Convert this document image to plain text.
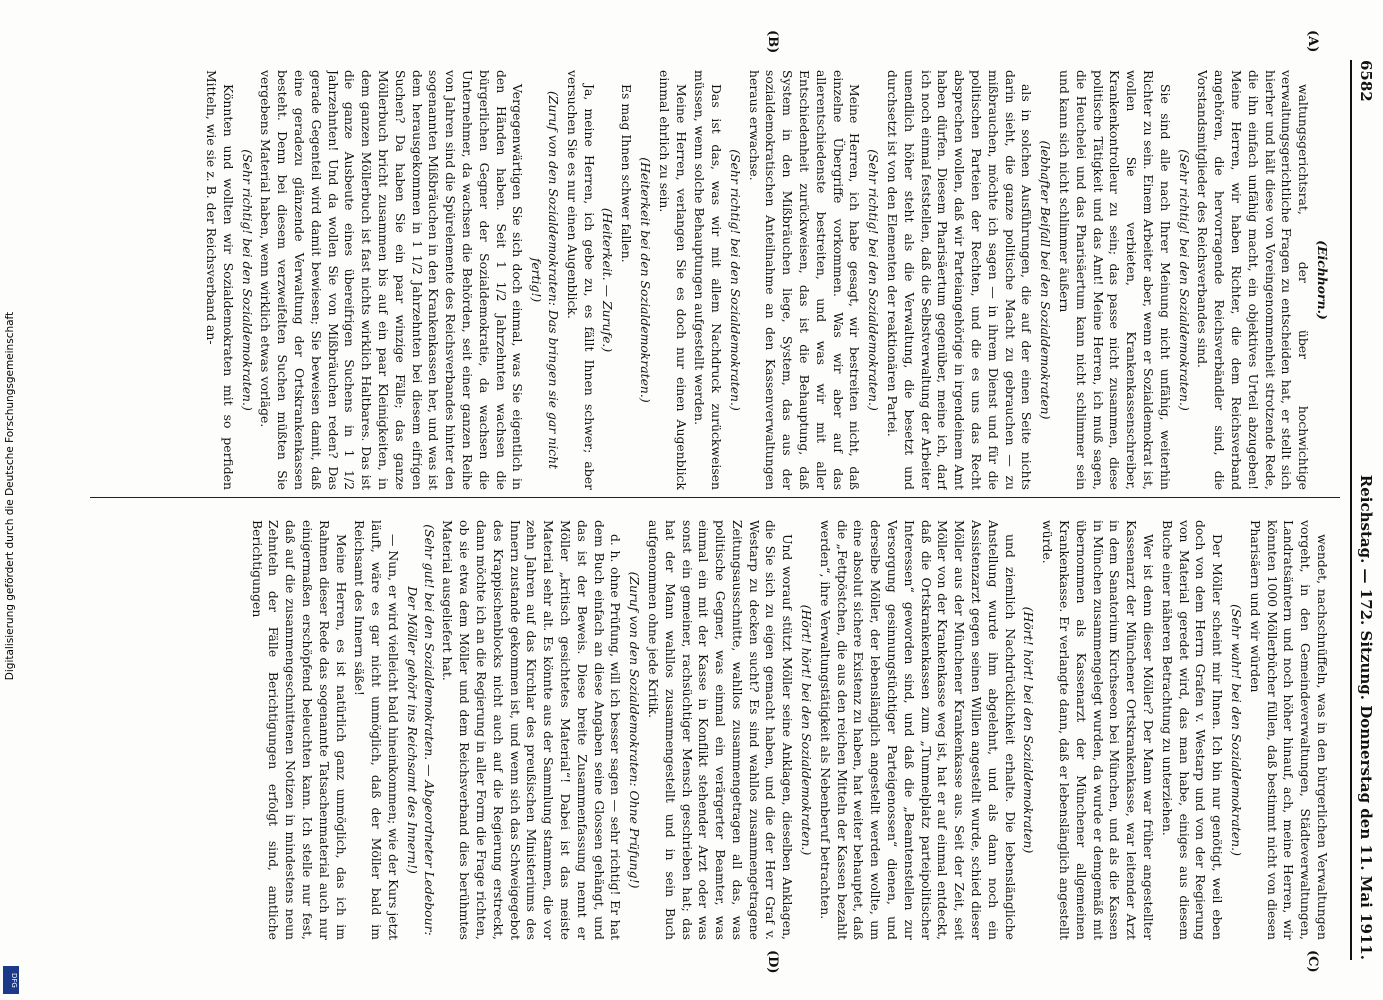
6582
Reichstag. — 172. Sitzung. Donnerstag den 11. Mai 1911.
(A)
(B)
(C)
(D)

(Eichhorn.)

waltungsgerichtsrat, der über hochwichtige verwaltungsgerichtliche Fragen zu entscheiden hat, er stellt sich hierher und hält diese von Voreingenommenheit strotzende Rede, die ihn einfach unfähig macht, ein objektives Urteil abzugeben! Meine Herren, wir haben Richter, die dem Reichsverband angehören, die hervorragende Reichsverbändler sind, die Vorstandsmitglieder des Reichsverbandes sind.

(Sehr richtig! bei den Sozialdemokraten.)

Sie sind alle nach Ihrer Meinung nicht unfähig, weiterhin Richter zu sein. Einem Arbeiter aber, wenn er Sozialdemokrat ist, wollen Sie verbieten, Krankenkassenschreiber, Krankenkontrolleur zu sein; das passe nicht zusammen, diese politische Tätigkeit und das Amt! Meine Herren, ich muß sagen, die Heuchelei und das Pharisäertum kann nicht schlimmer sein und kann sich nicht schlimmer äußern

(lebhafter Beifall bei den Sozialdemokraten)

als in solchen Ausführungen, die auf der einen Seite nichts darin sieht, die ganze politische Macht zu gebrauchen — zu mißbrauchen, möchte ich sagen — in ihrem Dienst und für die politischen Parteien der Rechten, und die es uns das Recht absprechen wollen, daß wir Parteiangehörige in irgendeinem Amt haben dürfen. Diesem Pharisäertum gegenüber, meine ich, darf ich noch einmal feststellen, daß die Selbstverwaltung der Arbeiter unendlich höher steht als die Verwaltung, die besetzt und durchsetzt ist von den Elementen der reaktionären Partei.

(Sehr richtig! bei den Sozialdemokraten.)

Meine Herren, ich habe gesagt, wir bestreiten nicht, daß einzelne Übergriffe vorkommen. Was wir aber auf das allerentschiedenste bestreiten, und was wir mit aller Entschiedenheit zurückweisen, das ist die Behauptung, daß System in den Mißbräuchen liege, System, das aus der sozialdemokratischen Anteilnahme an den Kassenverwaltungen heraus erwachse.

(Sehr richtig! bei den Sozialdemokraten.)

Das ist das, was wir mit allem Nachdruck zurückweisen müssen, wenn solche Behauptungen aufgestellt werden.

Meine Herren, verlangen Sie es doch nur einen Augenblick einmal ehrlich zu sein.

(Heiterkeit bei den Sozialdemokraten.)

Es mag Ihnen schwer fallen.

(Heiterkeit. — Zurufe.)

Ja, meine Herren, ich gebe zu, es fällt Ihnen schwer; aber versuchen Sie es nur einen Augenblick.

(Zuruf von den Sozialdemokraten: Das bringen sie gar nicht fertig!)

Vergegenwärtigen Sie sich doch einmal, was Sie eigentlich in den Händen haben. Seit 1 1/2 Jahrzehnten wachsen die bürgerlichen Gegner der Sozialdemokratie, da wachsen die Unternehmer, da wachsen die Behörden, seit einer ganzen Reihe von Jahren sind die Spürelemente des Reichsverbandes hinter den sogenannten Mißbräuchen in den Krankenkassen her, und was ist dem herausgekommen in 1 1/2 Jahrzehnten bei diesem eifrigen Suchen? Da haben Sie ein paar winzige Fälle; das ganze Möllerbuch bricht zusammen bis auf ein paar Kleinigkeiten, in dem ganzen Möllerbuch ist fast nichts wirklich Haltbares. Das ist die ganze Ausbeute eines übereifrigen Suchens in 1 1/2 Jahrzehnten! Und da wollen Sie von Mißbräuchen reden? Das gerade Gegenteil wird damit bewiesen; Sie beweisen damit, daß eine geradezu glänzende Verwaltung der Ortskrankenkassen besteht. Denn bei diesem verzweifelten Suchen müßten Sie vergebens Material haben, wenn wirklich etwas vorläge.

(Sehr richtig! bei den Sozialdemokraten.)

Könnten und wollten wir Sozialdemokraten mit so perfiden Mitteln, wie sie z. B. der Reichsverband an-

wendet, nachschnüffeln, was in den bürgerlichen Verwaltungen vorgeht, in den Gemeindeverwaltungen, Städteverwaltungen, Landratsämtern und noch höher hinauf, ach, meine Herren, wir könnten 1000 Möllerbücher füllen, daß bestimmt nicht von diesen Pharisäern und wir würden

(Sehr wahr! bei den Sozialdemokraten.)

Der Möller scheint mir Ihnen. Ich bin nur genötigt, weil eben doch von dem Herrn Grafen v. Westarp und von der Regierung von Material geredet wird, das man habe, einiges aus diesem Buche einer näheren Betrachtung zu unterziehen.

Wer ist denn dieser Möller? Der Mann war früher angestellter Kassenarzt der Münchener Ortskrankenkasse, war leitender Arzt in dem Sanatorium Kirchseeon bei München, und als die Kassen in München zusammengelegt wurden, da wurde er demgemäß mit übernommen als Kassenarzt der Münchener allgemeinen Krankenkasse. Er verlangte dann, daß er lebenslänglich angestellt würde.

(Hört! hört! bei den Sozialdemokraten)

und ziemlich Nachdrücklichkeit erhalte. Die lebenslängliche Anstellung wurde ihm abgelehnt, und als dann noch ein Assistenzarzt gegen seinen Willen angestellt wurde, schied dieser Möller aus der Münchener Krankenkasse aus. Seit der Zeit, seit Möller von der Krankenkasse weg ist, hat er auf einmal entdeckt, daß die Ortskrankenkassen zum „Tummelplatz parteipolitischer Interessen“ geworden sind, und daß die „Beamtenstellen zur Versorgung gesinnungstüchtiger Parteigenossen“ dienen, und derselbe Möller, der lebenslänglich angestellt werden wollte, um eine absolut sichere Existenz zu haben, hat weiter behauptet, daß die „Fettpöstchen, die aus den reichen Mitteln der Kassen bezahlt werden“, ihre Verwaltungstätigkeit als Nebenberuf betrachten.

(Hört! hört! bei den Sozialdemokraten.)

Und worauf stützt Möller seine Anklagen, dieselben Anklagen, die Sie sich zu eigen gemacht haben, und die der Herr Graf v. Westarp zu decken sucht? Es sind wahllos zusammengetragene Zeitungsausschnitte, wahllos zusammengetragen all das, was politische Gegner, was einmal ein verärgerter Beamter, was einmal ein mit der Kasse in Konflikt stehender Arzt oder was sonst ein gemeiner, rachsüchtiger Mensch geschrieben hat; das hat der Mann wahllos zusammengestellt und in sein Buch aufgenommen ohne jede Kritik.

(Zuruf von den Sozialdemokraten: Ohne Prüfung!)

d. h. ohne Prüfung, will ich besser sagen — sehr richtig! Er hat dem Buch einfach an diese Angaben seine Glossen gehängt, und das ist der Beweis. Diese breite Zusammenfassung nennt er Möller „kritisch gesichtetes Material“! Dabei ist das meiste Material sehr alt. Es könnte aus der Sammlung stammen, die vor zehn Jahren auf das Kirchlar des preußischen Ministeriums des Innern zustande gekommen ist, und wenn sich das Schweigegebot des Krappischenblocks nicht auch auf die Regierung erstreckt, dann möchte ich an die Regierung in aller Form die Frage richten, ob sie etwa dem Möller und dem Reichsverband dies berühmtes Material ausgeliefert hat.

(Sehr gut! bei den Sozialdemokraten. — Abgeordneter Ledebour: Der Möller gehört ins Reichsamt des Innern!)

— Nun, er wird vielleicht bald hineinkommen; wie der Kurs jetzt läuft, wäre es gar nicht unmöglich, daß der Möller bald im Reichsamt des Innern säße!

Meine Herren, es ist natürlich ganz unmöglich, das ich im Rahmen dieser Rede das sogenannte Tatsachenmaterial auch nur einigermaßen erschöpfend beleuchten kann. Ich stelle nur fest, daß auf die zusammengeschnittenen Notizen in mindestens neun Zehnteln der Fälle Berichtigungen erfolgt sind, amtliche Berichtigungen

Digitalisierung gefördert durch die Deutsche Forschungsgemeinschaft
DFG
